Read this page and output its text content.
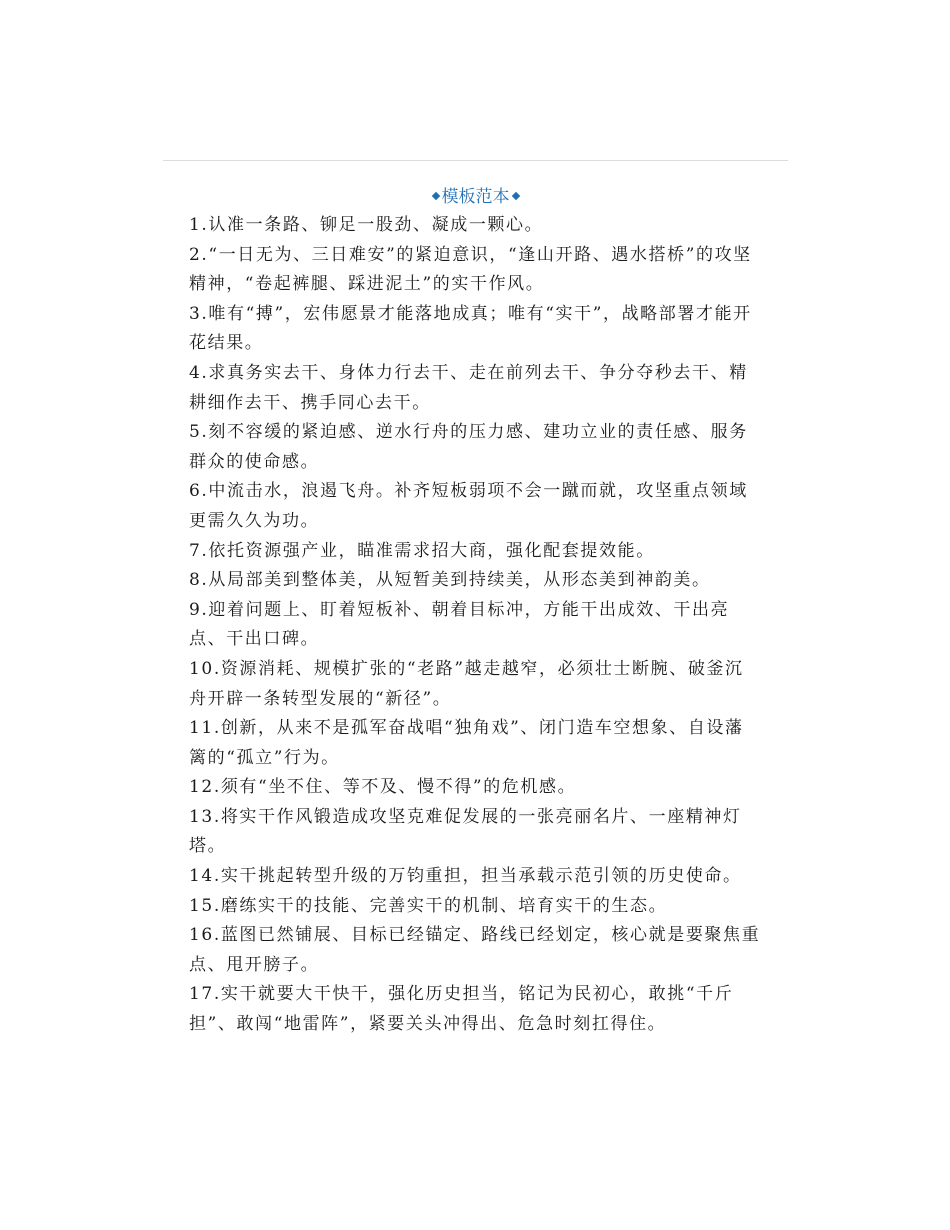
模板范本

1.认准一条路、铆足一股劲、凝成一颗心。

2.“一日无为、三日难安”的紧迫意识，“逢山开路、遇水搭桥”的攻坚精神，“卷起裤腿、踩进泥土”的实干作风。

3.唯有“搏”，宏伟愿景才能落地成真；唯有“实干”，战略部署才能开花结果。

4.求真务实去干、身体力行去干、走在前列去干、争分夺秒去干、精耕细作去干、携手同心去干。

5.刻不容缓的紧迫感、逆水行舟的压力感、建功立业的责任感、服务群众的使命感。

6.中流击水，浪遏飞舟。补齐短板弱项不会一蹴而就，攻坚重点领域更需久久为功。

7.依托资源强产业，瞄准需求招大商，强化配套提效能。

8.从局部美到整体美，从短暂美到持续美，从形态美到神韵美。

9.迎着问题上、盯着短板补、朝着目标冲，方能干出成效、干出亮点、干出口碑。

10.资源消耗、规模扩张的“老路”越走越窄，必须壮士断腕、破釜沉舟开辟一条转型发展的“新径”。

11.创新，从来不是孤军奋战唱“独角戏”、闭门造车空想象、自设藩篱的“孤立”行为。

12.须有“坐不住、等不及、慢不得”的危机感。

13.将实干作风锻造成攻坚克难促发展的一张亮丽名片、一座精神灯塔。

14.实干挑起转型升级的万钧重担，担当承载示范引领的历史使命。

15.磨练实干的技能、完善实干的机制、培育实干的生态。

16.蓝图已然铺展、目标已经锚定、路线已经划定，核心就是要聚焦重点、甩开膀子。

17.实干就要大干快干，强化历史担当，铭记为民初心，敢挑“千斤担”、敢闯“地雷阵”，紧要关头冲得出、危急时刻扛得住。
